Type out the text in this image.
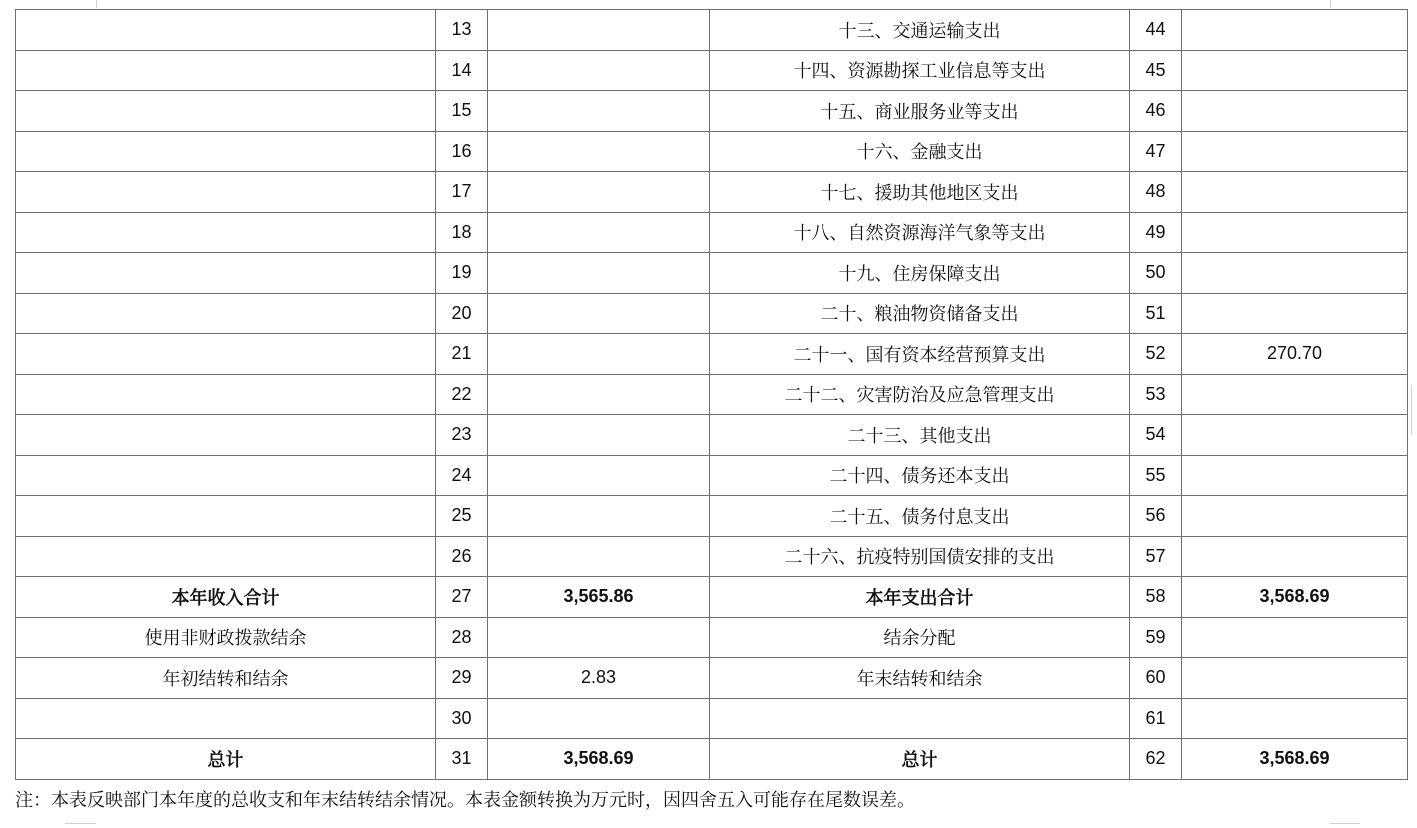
	13		十三、交通运输支出	44	
	14		十四、资源勘探工业信息等支出	45	
	15		十五、商业服务业等支出	46	
	16		十六、金融支出	47	
	17		十七、援助其他地区支出	48	
	18		十八、自然资源海洋气象等支出	49	
	19		十九、住房保障支出	50	
	20		二十、粮油物资储备支出	51	
	21		二十一、国有资本经营预算支出	52	270.70
	22		二十二、灾害防治及应急管理支出	53	
	23		二十三、其他支出	54	
	24		二十四、债务还本支出	55	
	25		二十五、债务付息支出	56	
	26		二十六、抗疫特别国债安排的支出	57	
本年收入合计	27	3,565.86	本年支出合计	58	3,568.69
使用非财政拨款结余	28		结余分配	59	
年初结转和结余	29	2.83	年末结转和结余	60	
	30			61	
总计	31	3,568.69	总计	62	3,568.69
注：本表反映部门本年度的总收支和年末结转结余情况。本表金额转换为万元时，因四舍五入可能存在尾数误差。
